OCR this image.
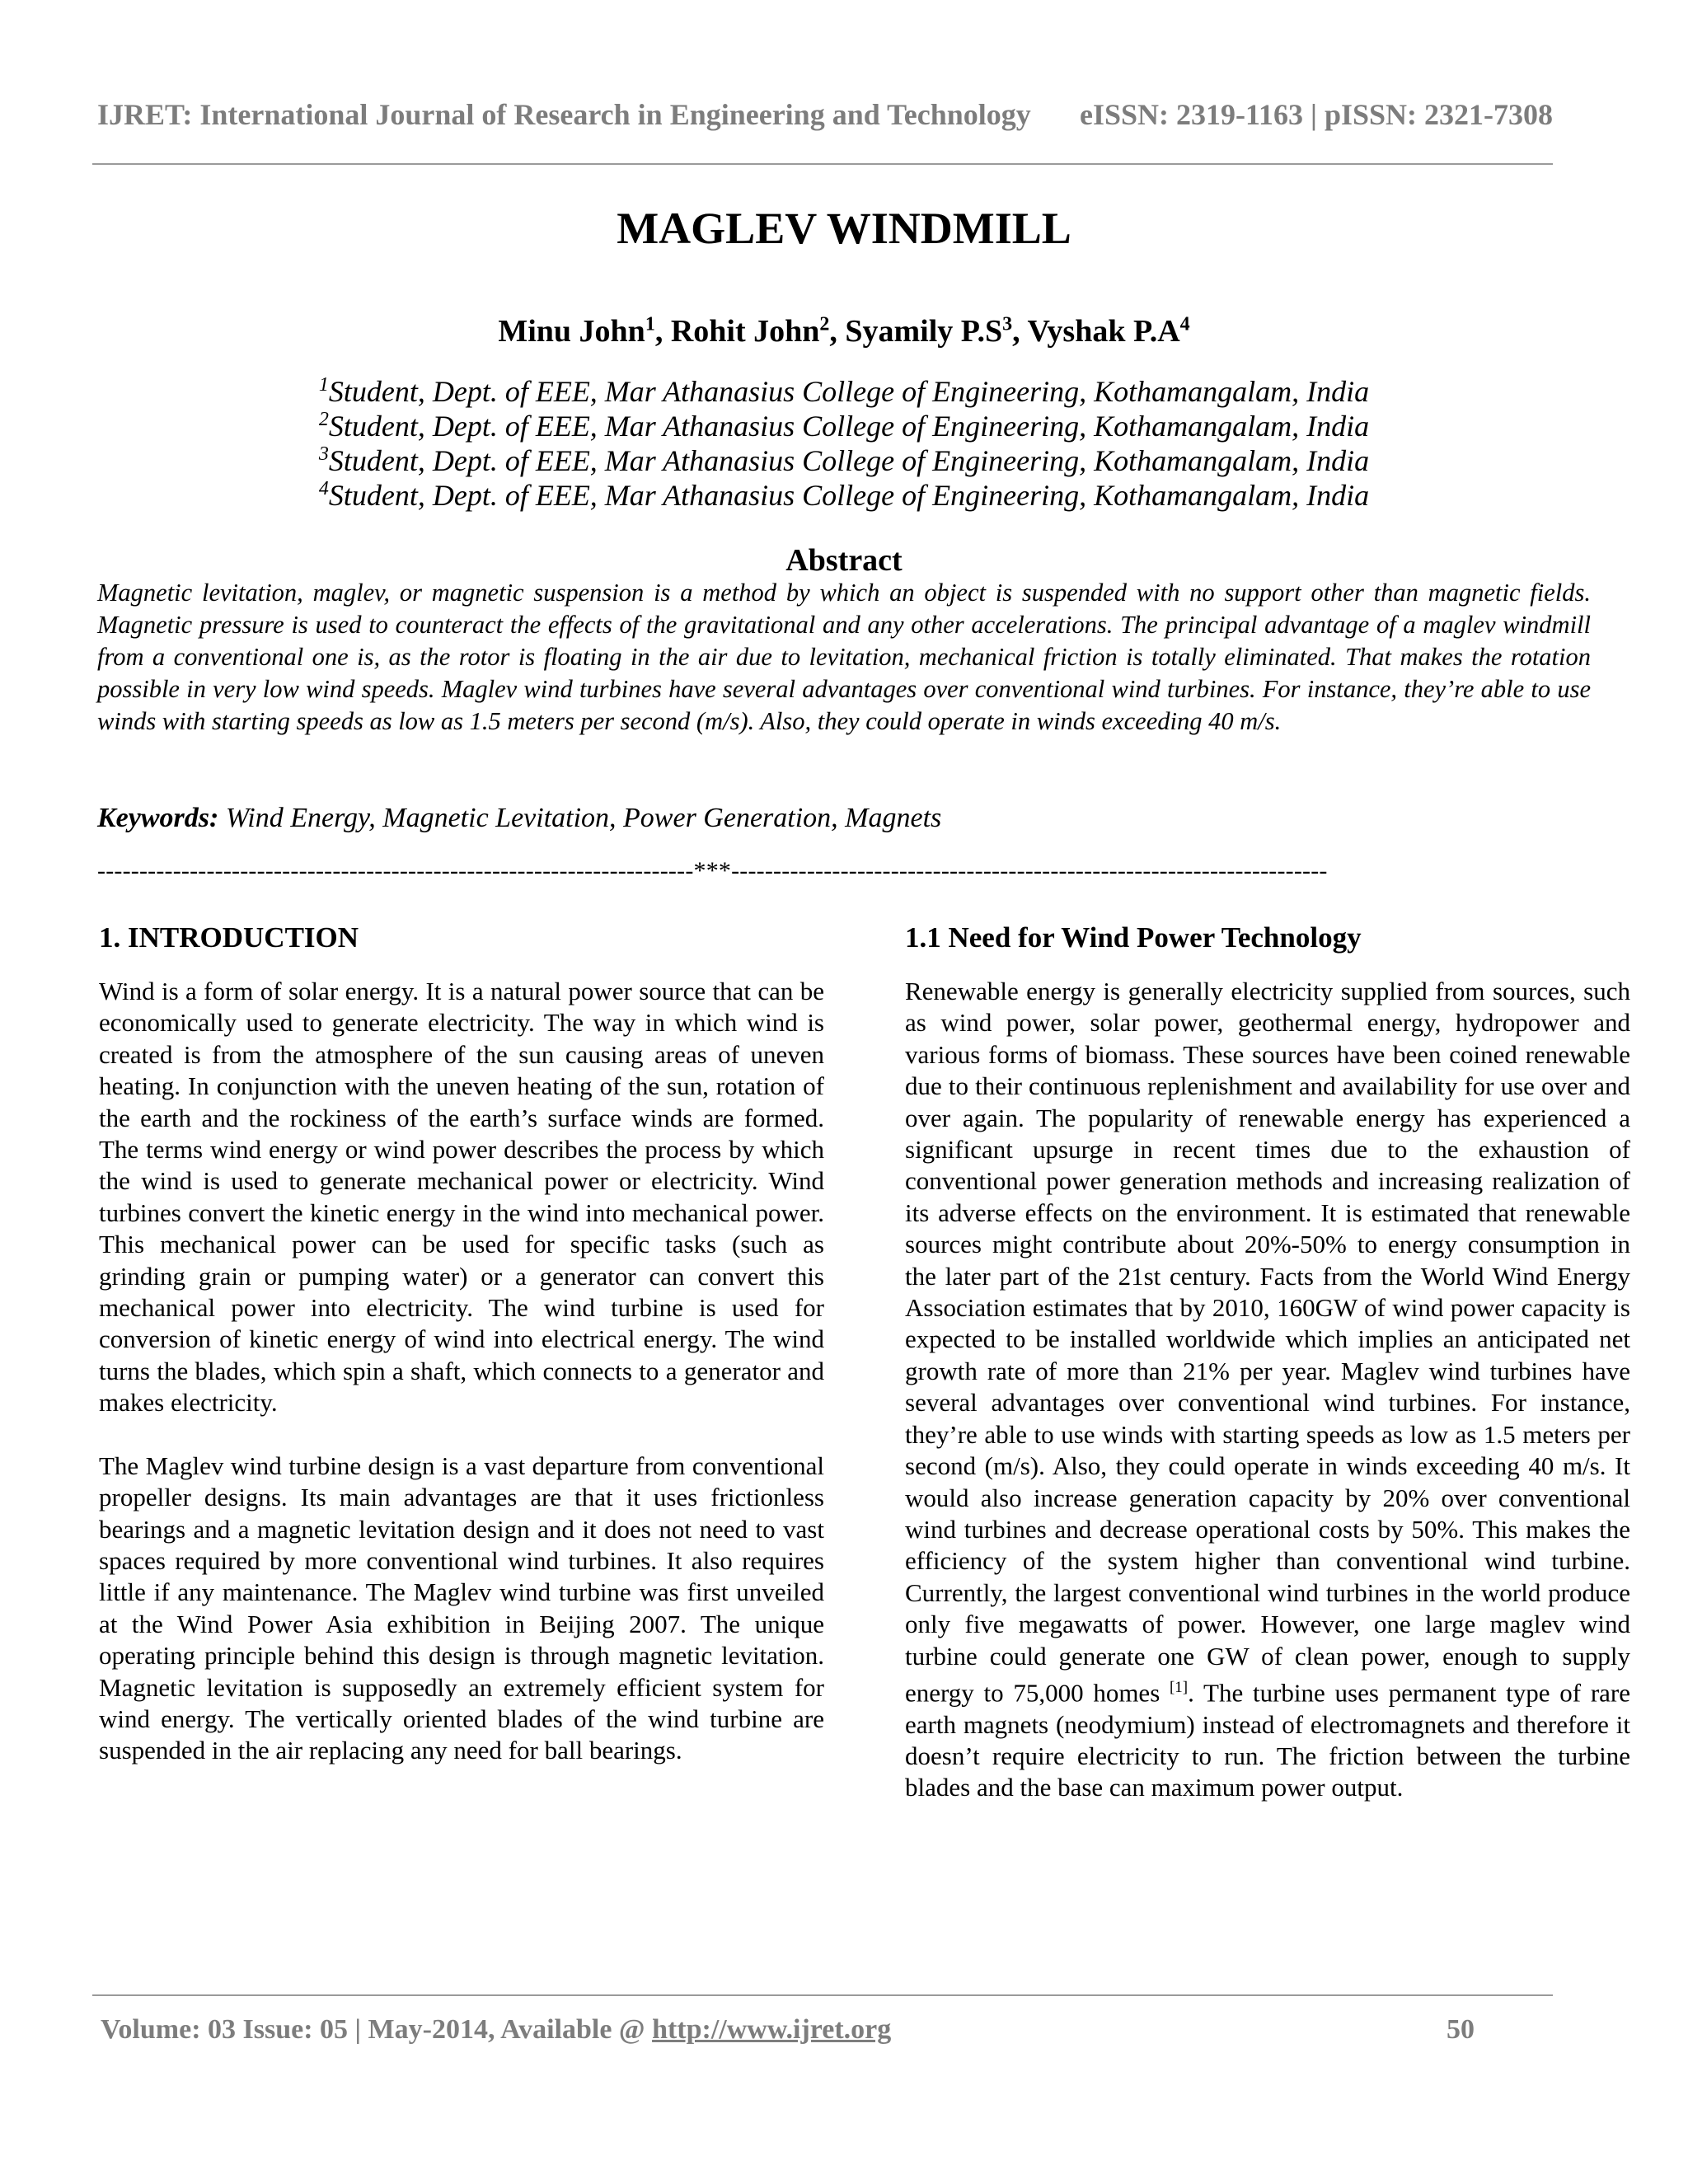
IJRET: International Journal of Research in Engineering and Technology eISSN: 2319-1163 | pISSN: 2321-7308
MAGLEV WINDMILL
Minu John$^1$, Rohit John$^2$, Syamily $P.S^3$, Vyshak $P.A^4$
$^1$Student, Dept. of EEE, Mar Athanasius College of Engineering, Kothamangalam, India
$^2$Student, Dept. of EEE, Mar Athanasius College of Engineering, Kothamangalam, India
$^3$Student, Dept. of EEE, Mar Athanasius College of Engineering, Kothamangalam, India
$^4$Student, Dept. of EEE, Mar Athanasius College of Engineering, Kothamangalam, India
Abstract
Magnetic levitation, maglev, or magnetic suspension is a method by which an object is suspended with no support other than magnetic fields. Magnetic pressure is used to counteract the effects of the gravitational and any other accelerations. The principal advantage of a maglev windmill from a conventional one is, as the rotor is floating in the air due to levitation, mechanical friction is totally eliminated. That makes the rotation possible in very low wind speeds. Maglev wind turbines have several advantages over conventional wind turbines. For instance, they’re able to use winds with starting speeds as low as 1.5 meters per second (m/s). Also, they could operate in winds exceeding 40 m/s.
Keywords: Wind Energy, Magnetic Levitation, Power Generation, Magnets
-----------------------------------------------------------------------***-----------------------------------------------------------------------
1. INTRODUCTION

Wind is a form of solar energy. It is a natural power source that can be economically used to generate electricity. The way in which wind is created is from the atmosphere of the sun causing areas of uneven heating. In conjunction with the uneven heating of the sun, rotation of the earth and the rockiness of the earth’s surface winds are formed. The terms wind energy or wind power describes the process by which the wind is used to generate mechanical power or electricity. Wind turbines convert the kinetic energy in the wind into mechanical power. This mechanical power can be used for specific tasks (such as grinding grain or pumping water) or a generator can convert this mechanical power into electricity. The wind turbine is used for conversion of kinetic energy of wind into electrical energy. The wind turns the blades, which spin a shaft, which connects to a generator and makes electricity.

The Maglev wind turbine design is a vast departure from conventional propeller designs. Its main advantages are that it uses frictionless bearings and a magnetic levitation design and it does not need to vast spaces required by more conventional wind turbines. It also requires little if any maintenance. The Maglev wind turbine was first unveiled at the Wind Power Asia exhibition in Beijing 2007. The unique operating principle behind this design is through magnetic levitation. Magnetic levitation is supposedly an extremely efficient system for wind energy. The vertically oriented blades of the wind turbine are suspended in the air replacing any need for ball bearings.

1.1 Need for Wind Power Technology

Renewable energy is generally electricity supplied from sources, such as wind power, solar power, geothermal energy, hydropower and various forms of biomass. These sources have been coined renewable due to their continuous replenishment and availability for use over and over again. The popularity of renewable energy has experienced a significant upsurge in recent times due to the exhaustion of conventional power generation methods and increasing realization of its adverse effects on the environment. It is estimated that renewable sources might contribute about 20%-50% to energy consumption in the later part of the 21st century. Facts from the World Wind Energy Association estimates that by 2010, 160GW of wind power capacity is expected to be installed worldwide which implies an anticipated net growth rate of more than 21% per year. Maglev wind turbines have several advantages over conventional wind turbines. For instance, they’re able to use winds with starting speeds as low as 1.5 meters per second (m/s). Also, they could operate in winds exceeding 40 m/s. It would also increase generation capacity by 20% over conventional wind turbines and decrease operational costs by 50%. This makes the efficiency of the system higher than conventional wind turbine. Currently, the largest conventional wind turbines in the world produce only five megawatts of power. However, one large maglev wind turbine could generate one GW of clean power, enough to supply energy to 75,000 homes [1]. The turbine uses permanent type of rare earth magnets (neodymium) instead of electromagnets and therefore it doesn’t require electricity to run. The friction between the turbine blades and the base can maximum power output.

Volume: 03 Issue: 05 | May-2014, Available @ http://www.ijret.org	50
